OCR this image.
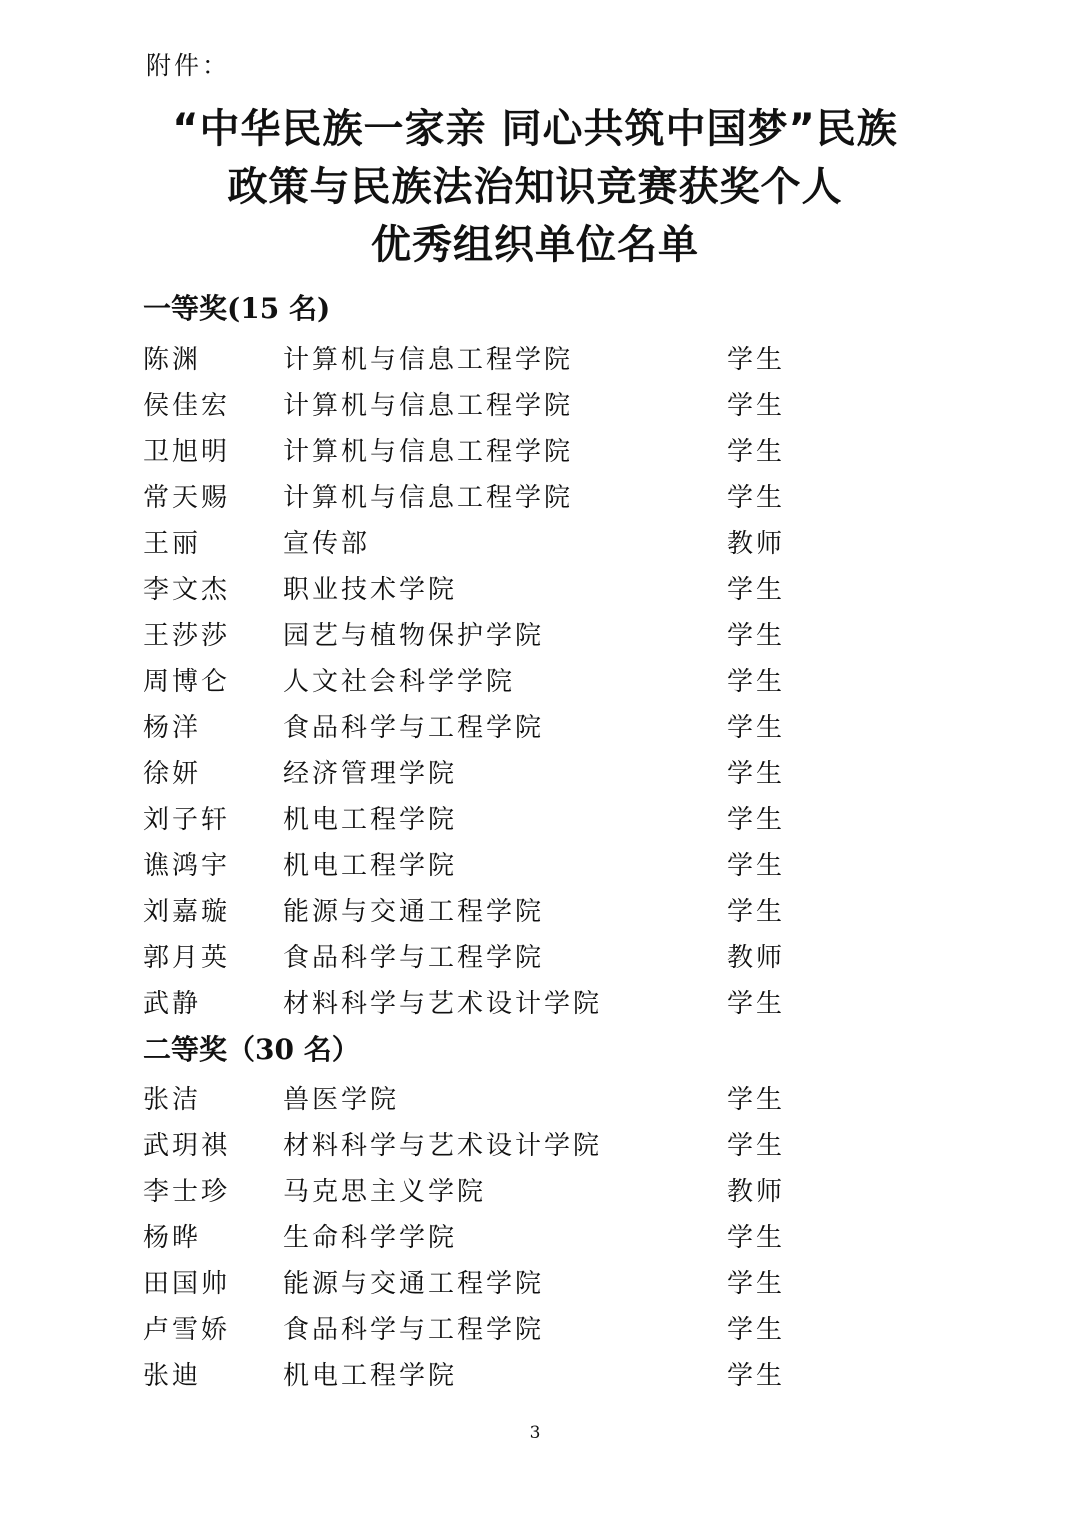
附件：
“中华民族一家亲 同心共筑中国梦”民族
政策与民族法治知识竞赛获奖个人
优秀组织单位名单
一等奖(15 名)
陈渊	计算机与信息工程学院	学生
侯佳宏 计算机与信息工程学院	学生
卫旭明 计算机与信息工程学院	学生
常天赐 计算机与信息工程学院	学生
王丽	宣传部	教师
李文杰 职业技术学院	学生
王莎莎 园艺与植物保护学院	学生
周博仑 人文社会科学学院	学生
杨洋	食品科学与工程学院	学生
徐妍	经济管理学院	学生
刘子轩 机电工程学院	学生
谯鸿宇 机电工程学院	学生
刘嘉璇 能源与交通工程学院	学生
郭月英 食品科学与工程学院	教师
武静	材料科学与艺术设计学院	学生
二等奖（30 名）
张洁	兽医学院	学生
武玥祺 材料科学与艺术设计学院	学生
李士珍 马克思主义学院	教师
杨晔	生命科学学院	学生
田国帅 能源与交通工程学院	学生
卢雪娇 食品科学与工程学院	学生
张迪	机电工程学院	学生
3
